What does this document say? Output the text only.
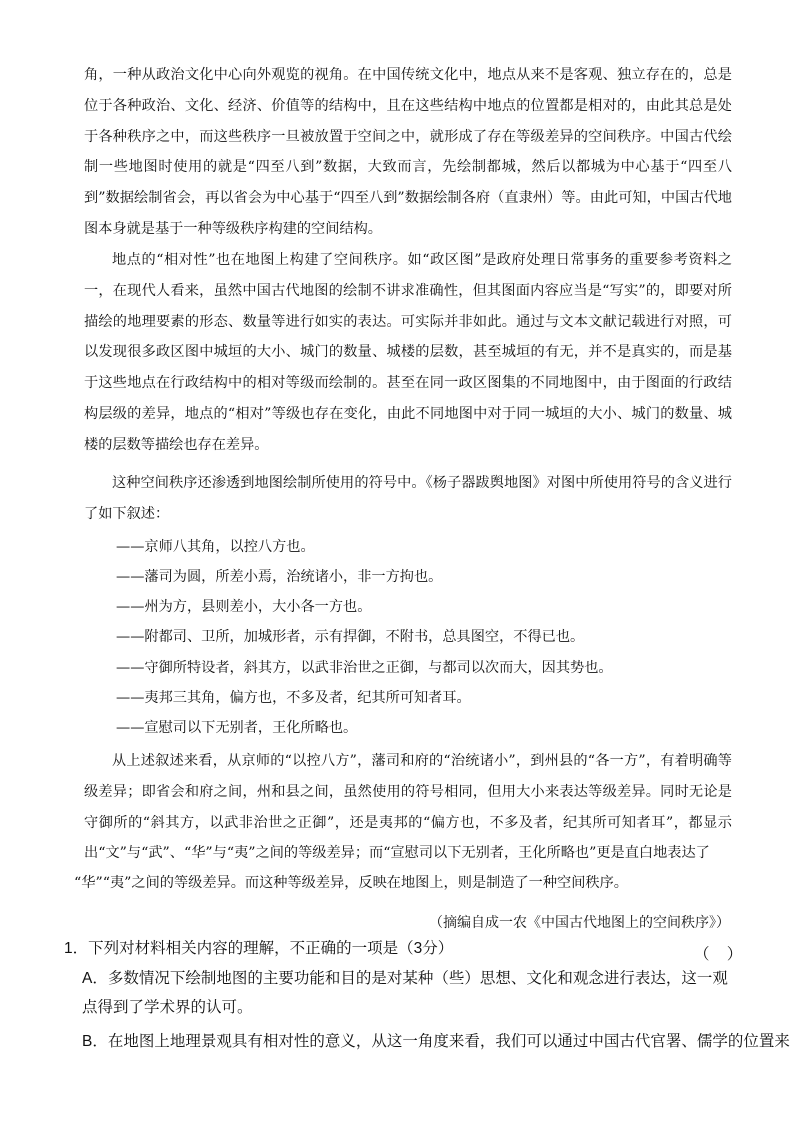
角，一种从政治文化中心向外观览的视角。在中国传统文化中，地点从来不是客观、独立存在的，总是位于各种政治、文化、经济、价值等的结构中，且在这些结构中地点的位置都是相对的，由此其总是处于各种秩序之中，而这些秩序一旦被放置于空间之中，就形成了存在等级差异的空间秩序。中国古代绘制一些地图时使用的就是“四至八到”数据，大致而言，先绘制都城，然后以都城为中心基于“四至八到”数据绘制省会，再以省会为中心基于“四至八到”数据绘制各府（直隶州）等。由此可知，中国古代地图本身就是基于一种等级秩序构建的空间结构。

地点的“相对性”也在地图上构建了空间秩序。如“政区图”是政府处理日常事务的重要参考资料之一，在现代人看来，虽然中国古代地图的绘制不讲求准确性，但其图面内容应当是“写实”的，即要对所描绘的地理要素的形态、数量等进行如实的表达。可实际并非如此。通过与文本文献记载进行对照，可以发现很多政区图中城垣的大小、城门的数量、城楼的层数，甚至城垣的有无，并不是真实的，而是基于这些地点在行政结构中的相对等级而绘制的。甚至在同一政区图集的不同地图中，由于图面的行政结构层级的差异，地点的“相对”等级也存在变化，由此不同地图中对于同一城垣的大小、城门的数量、城楼的层数等描绘也存在差异。

这种空间秩序还渗透到地图绘制所使用的符号中。《杨子器跋舆地图》对图中所使用符号的含义进行了如下叙述：

——京师八其角，以控八方也。
——藩司为圆，所差小焉，治统诸小，非一方拘也。
——州为方，县则差小，大小各一方也。
——附都司、卫所，加城形者，示有捍御，不附书，总具图空，不得已也。
——守御所特设者，斜其方，以武非治世之正御，与都司以次而大，因其势也。
——夷邦三其角，偏方也，不多及者，纪其所可知者耳。
——宣慰司以下无别者，王化所略也。

从上述叙述来看，从京师的“以控八方”，藩司和府的“治统诸小”，到州县的“各一方”，有着明确等级差异；即省会和府之间，州和县之间，虽然使用的符号相同，但用大小来表达等级差异。同时无论是守御所的“斜其方，以武非治世之正御”，还是夷邦的“偏方也，不多及者，纪其所可知者耳”，都显示出“文”与“武”、“华”与“夷”之间的等级差异；而“宣慰司以下无别者，王化所略也”更是直白地表达了

“华”“夷”之间的等级差异。而这种等级差异，反映在地图上，则是制造了一种空间秩序。

（摘编自成一农《中国古代地图上的空间秩序》）
1．下列对材料相关内容的理解，不正确的一项是（3分）	（    ）
A．多数情况下绘制地图的主要功能和目的是对某种（些）思想、文化和观念进行表达，这一观点得到了学术界的认可。
B．在地图上地理景观具有相对性的意义，从这一角度来看，我们可以通过中国古代官署、儒学的位置来
